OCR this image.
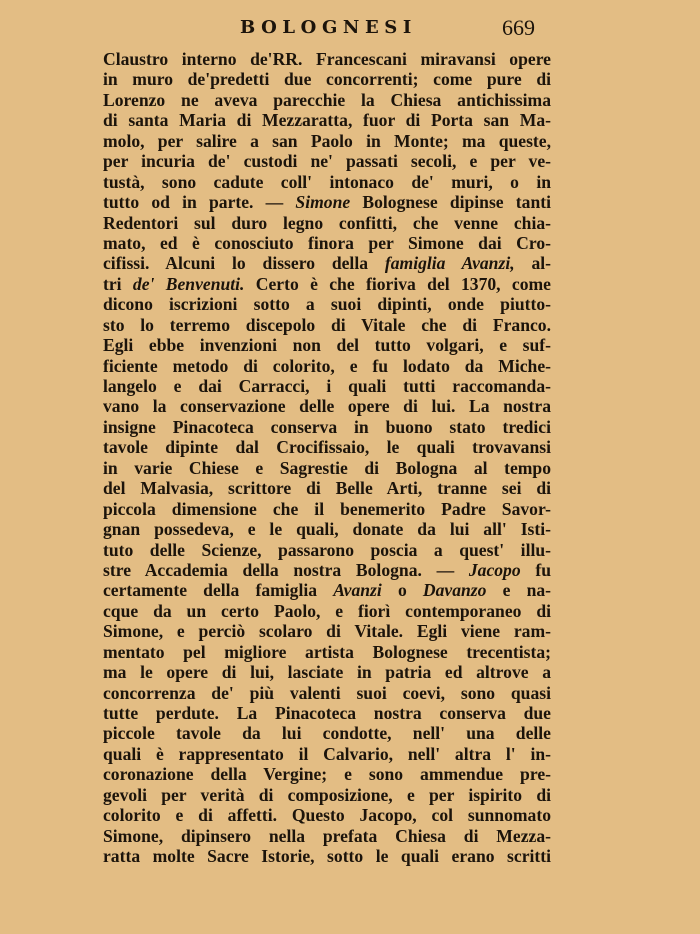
BOLOGNESI	669
Claustro interno de'RR. Francescani miravansi opere
in muro de'predetti due concorrenti; come pure di
Lorenzo ne aveva parecchie la Chiesa antichissima
di santa Maria di Mezzaratta, fuor di Porta san Ma-
molo, per salire a san Paolo in Monte; ma queste,
per incuria de' custodi ne' passati secoli, e per ve-
tustà, sono cadute coll' intonaco de' muri, o in
tutto od in parte. — Simone Bolognese dipinse tanti
Redentori sul duro legno confitti, che venne chia-
mato, ed è conosciuto finora per Simone dai Cro-
cifissi. Alcuni lo dissero della famiglia Avanzi, al-
tri de' Benvenuti. Certo è che fioriva del 1370, come
dicono iscrizioni sotto a suoi dipinti, onde piutto-
sto lo terremo discepolo di Vitale che di Franco.
Egli ebbe invenzioni non del tutto volgari, e suf-
ficiente metodo di colorito, e fu lodato da Miche-
langelo e dai Carracci, i quali tutti raccomanda-
vano la conservazione delle opere di lui. La nostra
insigne Pinacoteca conserva in buono stato tredici
tavole dipinte dal Crocifissaio, le quali trovavansi
in varie Chiese e Sagrestie di Bologna al tempo
del Malvasia, scrittore di Belle Arti, tranne sei di
piccola dimensione che il benemerito Padre Savor-
gnan possedeva, e le quali, donate da lui all' Isti-
tuto delle Scienze, passarono poscia a quest' illu-
stre Accademia della nostra Bologna. — Jacopo fu
certamente della famiglia Avanzi o Davanzo e na-
cque da un certo Paolo, e fiorì contemporaneo di
Simone, e perciò scolaro di Vitale. Egli viene ram-
mentato pel migliore artista Bolognese trecentista;
ma le opere di lui, lasciate in patria ed altrove a
concorrenza de' più valenti suoi coevi, sono quasi
tutte perdute. La Pinacoteca nostra conserva due
piccole tavole da lui condotte, nell' una delle
quali è rappresentato il Calvario, nell' altra l' in-
coronazione della Vergine; e sono ammendue pre-
gevoli per verità di composizione, e per ispirito di
colorito e di affetti. Questo Jacopo, col sunnomato
Simone, dipinsero nella prefata Chiesa di Mezza-
ratta molte Sacre Istorie, sotto le quali erano scritti
